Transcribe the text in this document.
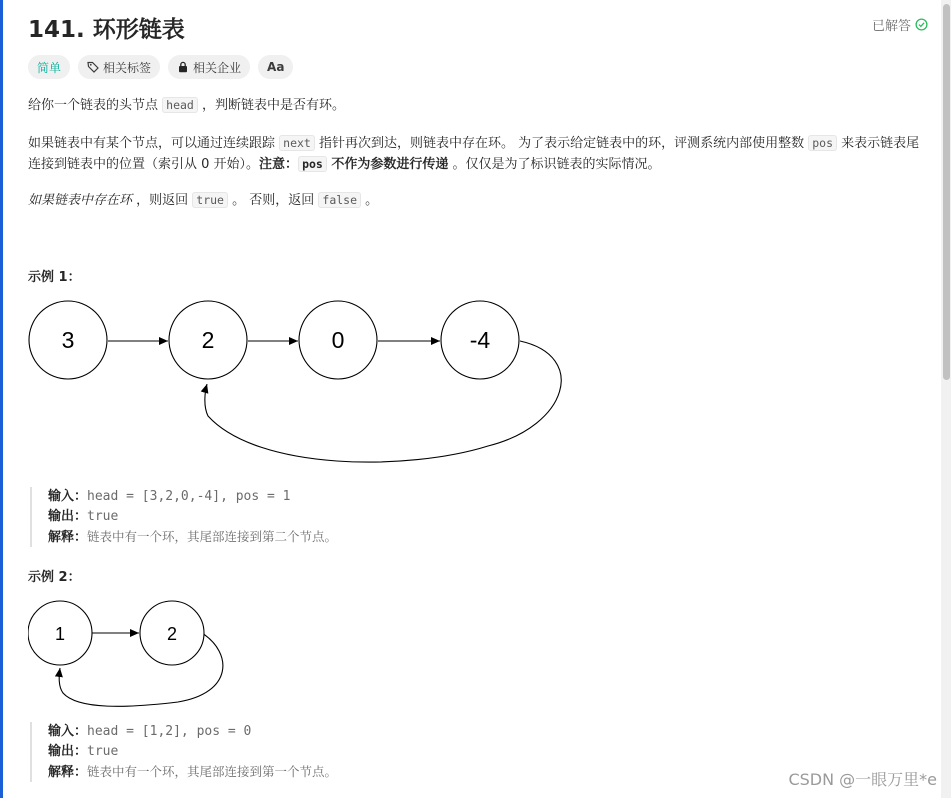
141. 环形链表	已解答
简单	相关标签	相关企业 Aa
给你一个链表的头节点 head ，判断链表中是否有环。
如果链表中有某个节点，可以通过连续跟踪 next 指针再次到达，则链表中存在环。 为了表示给定链表中的环，评测系统内部使用整数 pos 来表示链表尾连接到链表中的位置（索引从 0 开始）。注意： pos 不作为参数进行传递 。仅仅是为了标识链表的实际情况。
如果链表中存在环 ，则返回 true 。 否则，返回 false 。
示例 1：
3	2	0	-4
输入：head = [3,2,0,-4], pos = 1
输出：true
解释：链表中有一个环，其尾部连接到第二个节点。
示例 2：
1	2
输入：head = [1,2], pos = 0
输出：true
解释：链表中有一个环，其尾部连接到第一个节点。	CSDN @一眼万里*e
